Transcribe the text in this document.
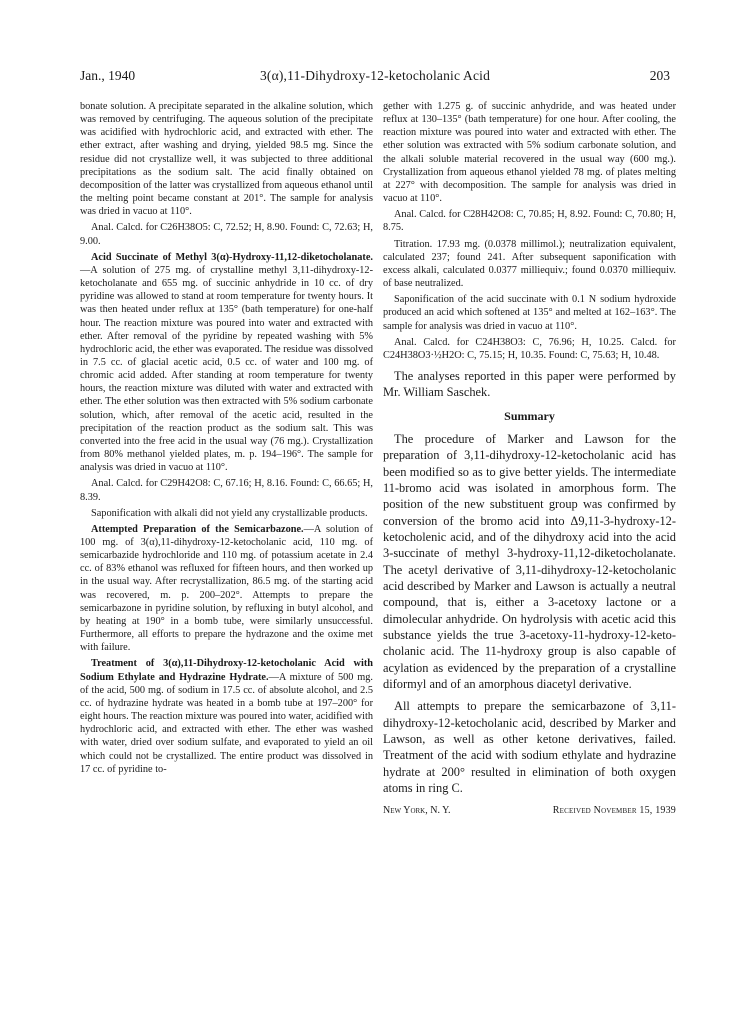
Jan., 1940	3(α),11-Dihydroxy-12-ketocholanic Acid	203

bonate solution. A precipitate separated in the alkaline solution, which was removed by centrifuging. The aqueous solution of the precipitate was acidified with hydrochloric acid, and extracted with ether. The ether extract, after washing and drying, yielded 98.5 mg. Since the residue did not crystallize well, it was subjected to three additional precipitations as the sodium salt. The acid finally obtained on decomposition of the latter was crystallized from aqueous ethanol until the melting point became constant at 201°. The sample for analysis was dried in vacuo at 110°.

Anal. Calcd. for C26H38O5: C, 72.52; H, 8.90. Found: C, 72.63; H, 9.00.

Acid Succinate of Methyl 3(α)-Hydroxy-11,12-diketocholanate.—A solution of 275 mg. of crystalline methyl 3,11-dihydroxy-12-ketocholanate and 655 mg. of succinic anhydride in 10 cc. of dry pyridine was allowed to stand at room temperature for twenty hours. It was then heated under reflux at 135° (bath temperature) for one-half hour. The reaction mixture was poured into water and extracted with ether. After removal of the pyridine by repeated washing with 5% hydrochloric acid, the ether was evaporated. The residue was dissolved in 7.5 cc. of glacial acetic acid, 0.5 cc. of water and 100 mg. of chromic acid added. After standing at room temperature for twenty hours, the reaction mixture was diluted with water and extracted with ether. The ether solution was then extracted with 5% sodium carbonate solution, which, after removal of the acetic acid, resulted in the precipitation of the reaction product as the sodium salt. This was converted into the free acid in the usual way (76 mg.). Crystallization from 80% methanol yielded plates, m. p. 194–196°. The sample for analysis was dried in vacuo at 110°.

Anal. Calcd. for C29H42O8: C, 67.16; H, 8.16. Found: C, 66.65; H, 8.39.

Saponification with alkali did not yield any crystallizable products.

Attempted Preparation of the Semicarbazone.—A solution of 100 mg. of 3(α),11-dihydroxy-12-ketocholanic acid, 110 mg. of semicarbazide hydrochloride and 110 mg. of potassium acetate in 2.4 cc. of 83% ethanol was refluxed for fifteen hours, and then worked up in the usual way. After recrystallization, 86.5 mg. of the starting acid was recovered, m. p. 200–202°. Attempts to prepare the semicarbazone in pyridine solution, by refluxing in butyl alcohol, and by heating at 190° in a bomb tube, were similarly unsuccessful. Furthermore, all efforts to prepare the hydrazone and the oxime met with failure.

Treatment of 3(α),11-Dihydroxy-12-ketocholanic Acid with Sodium Ethylate and Hydrazine Hydrate.—A mixture of 500 mg. of the acid, 500 mg. of sodium in 17.5 cc. of absolute alcohol, and 2.5 cc. of hydrazine hydrate was heated in a bomb tube at 197–200° for eight hours. The reaction mixture was poured into water, acidified with hydrochloric acid, and extracted with ether. The ether was washed with water, dried over sodium sulfate, and evaporated to yield an oil which could not be crystallized. The entire product was dissolved in 17 cc. of pyridine to-

gether with 1.275 g. of succinic anhydride, and was heated under reflux at 130–135° (bath temperature) for one hour. After cooling, the reaction mixture was poured into water and extracted with ether. The ether solution was extracted with 5% sodium carbonate solution, and the alkali soluble material recovered in the usual way (600 mg.). Crystallization from aqueous ethanol yielded 78 mg. of plates melting at 227° with decomposition. The sample for analysis was dried in vacuo at 110°.

Anal. Calcd. for C28H42O8: C, 70.85; H, 8.92. Found: C, 70.80; H, 8.75.

Titration. 17.93 mg. (0.0378 millimol.); neutralization equivalent, calculated 237; found 241. After subsequent saponification with excess alkali, calculated 0.0377 milliequiv.; found 0.0370 milliequiv. of base neutralized.

Saponification of the acid succinate with 0.1 N sodium hydroxide produced an acid which softened at 135° and melted at 162–163°. The sample for analysis was dried in vacuo at 110°.

Anal. Calcd. for C24H38O3: C, 76.96; H, 10.25. Calcd. for C24H38O3·½H2O: C, 75.15; H, 10.35. Found: C, 75.63; H, 10.48.

The analyses reported in this paper were performed by Mr. William Saschek.

Summary

The procedure of Marker and Lawson for the preparation of 3,11-dihydroxy-12-ketocholanic acid has been modified so as to give better yields. The intermediate 11-bromo acid was isolated in amorphous form. The position of the new substituent group was confirmed by conversion of the bromo acid into Δ9,11-3-hydroxy-12-ketocholenic acid, and of the dihydroxy acid into the acid 3-succinate of methyl 3-hydroxy-11,12-diketocholanate. The acetyl derivative of 3,11-dihydroxy-12-ketocholanic acid described by Marker and Lawson is actually a neutral compound, that is, either a 3-acetoxy lactone or a dimolecular anhydride. On hydrolysis with acetic acid this substance yields the true 3-acetoxy-11-hydroxy-12-keto-cholanic acid. The 11-hydroxy group is also capable of acylation as evidenced by the preparation of a crystalline diformyl and of an amorphous diacetyl derivative.

All attempts to prepare the semicarbazone of 3,11-dihydroxy-12-ketocholanic acid, described by Marker and Lawson, as well as other ketone derivatives, failed. Treatment of the acid with sodium ethylate and hydrazine hydrate at 200° resulted in elimination of both oxygen atoms in ring C.

New York, N. Y.	Received November 15, 1939
